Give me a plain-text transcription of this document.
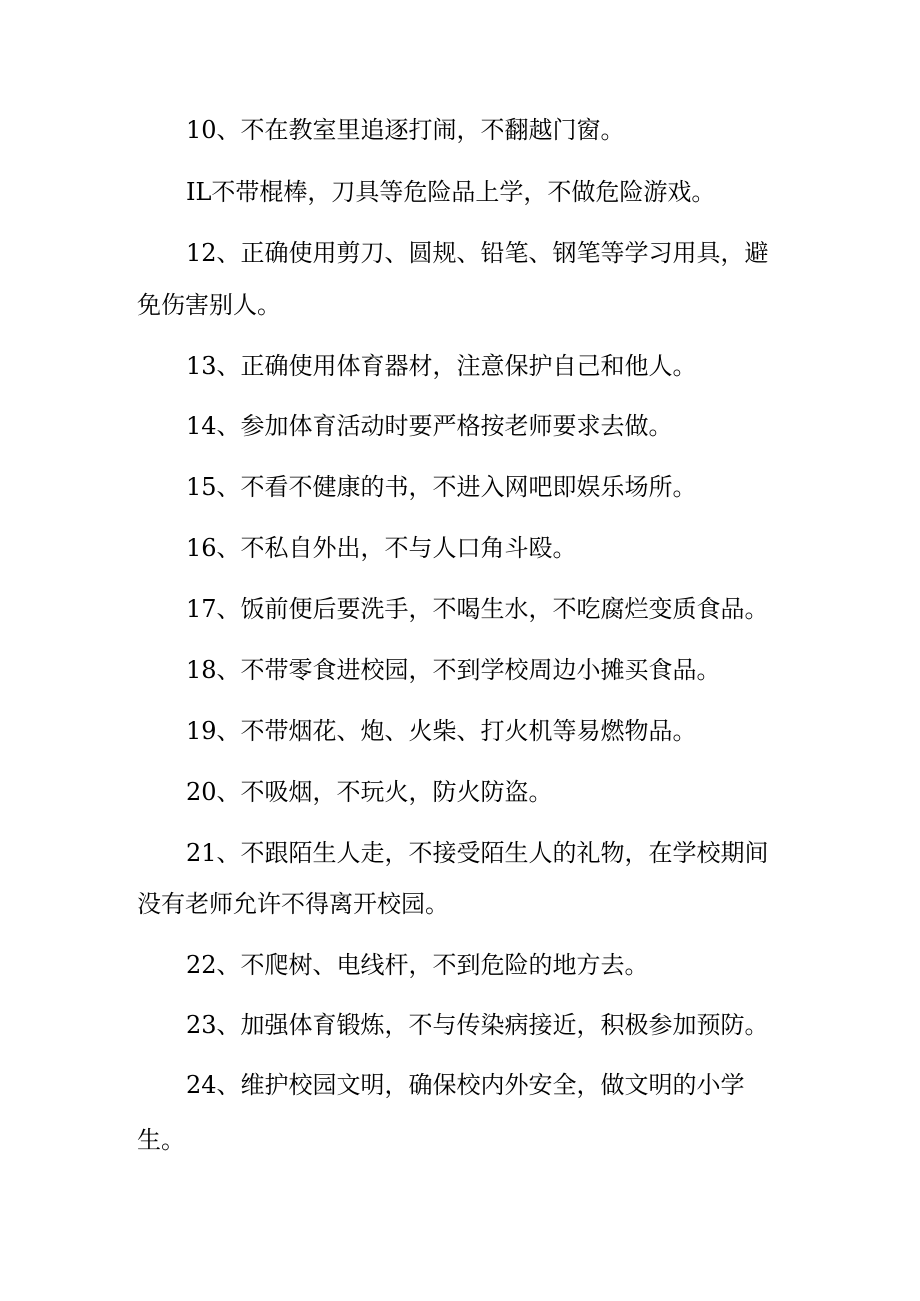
10、不在教室里追逐打闹，不翻越门窗。

IL不带棍棒，刀具等危险品上学，不做危险游戏。

12、正确使用剪刀、圆规、铅笔、钢笔等学习用具，避

免伤害别人。

13、正确使用体育器材，注意保护自己和他人。

14、参加体育活动时要严格按老师要求去做。

15、不看不健康的书，不进入网吧即娱乐场所。

16、不私自外出，不与人口角斗殴。

17、饭前便后要洗手，不喝生水，不吃腐烂变质食品。

18、不带零食进校园，不到学校周边小摊买食品。

19、不带烟花、炮、火柴、打火机等易燃物品。

20、不吸烟，不玩火，防火防盗。

21、不跟陌生人走，不接受陌生人的礼物，在学校期间

没有老师允许不得离开校园。

22、不爬树、电线杆，不到危险的地方去。

23、加强体育锻炼，不与传染病接近，积极参加预防。

24、维护校园文明，确保校内外安全，做文明的小学

生。
